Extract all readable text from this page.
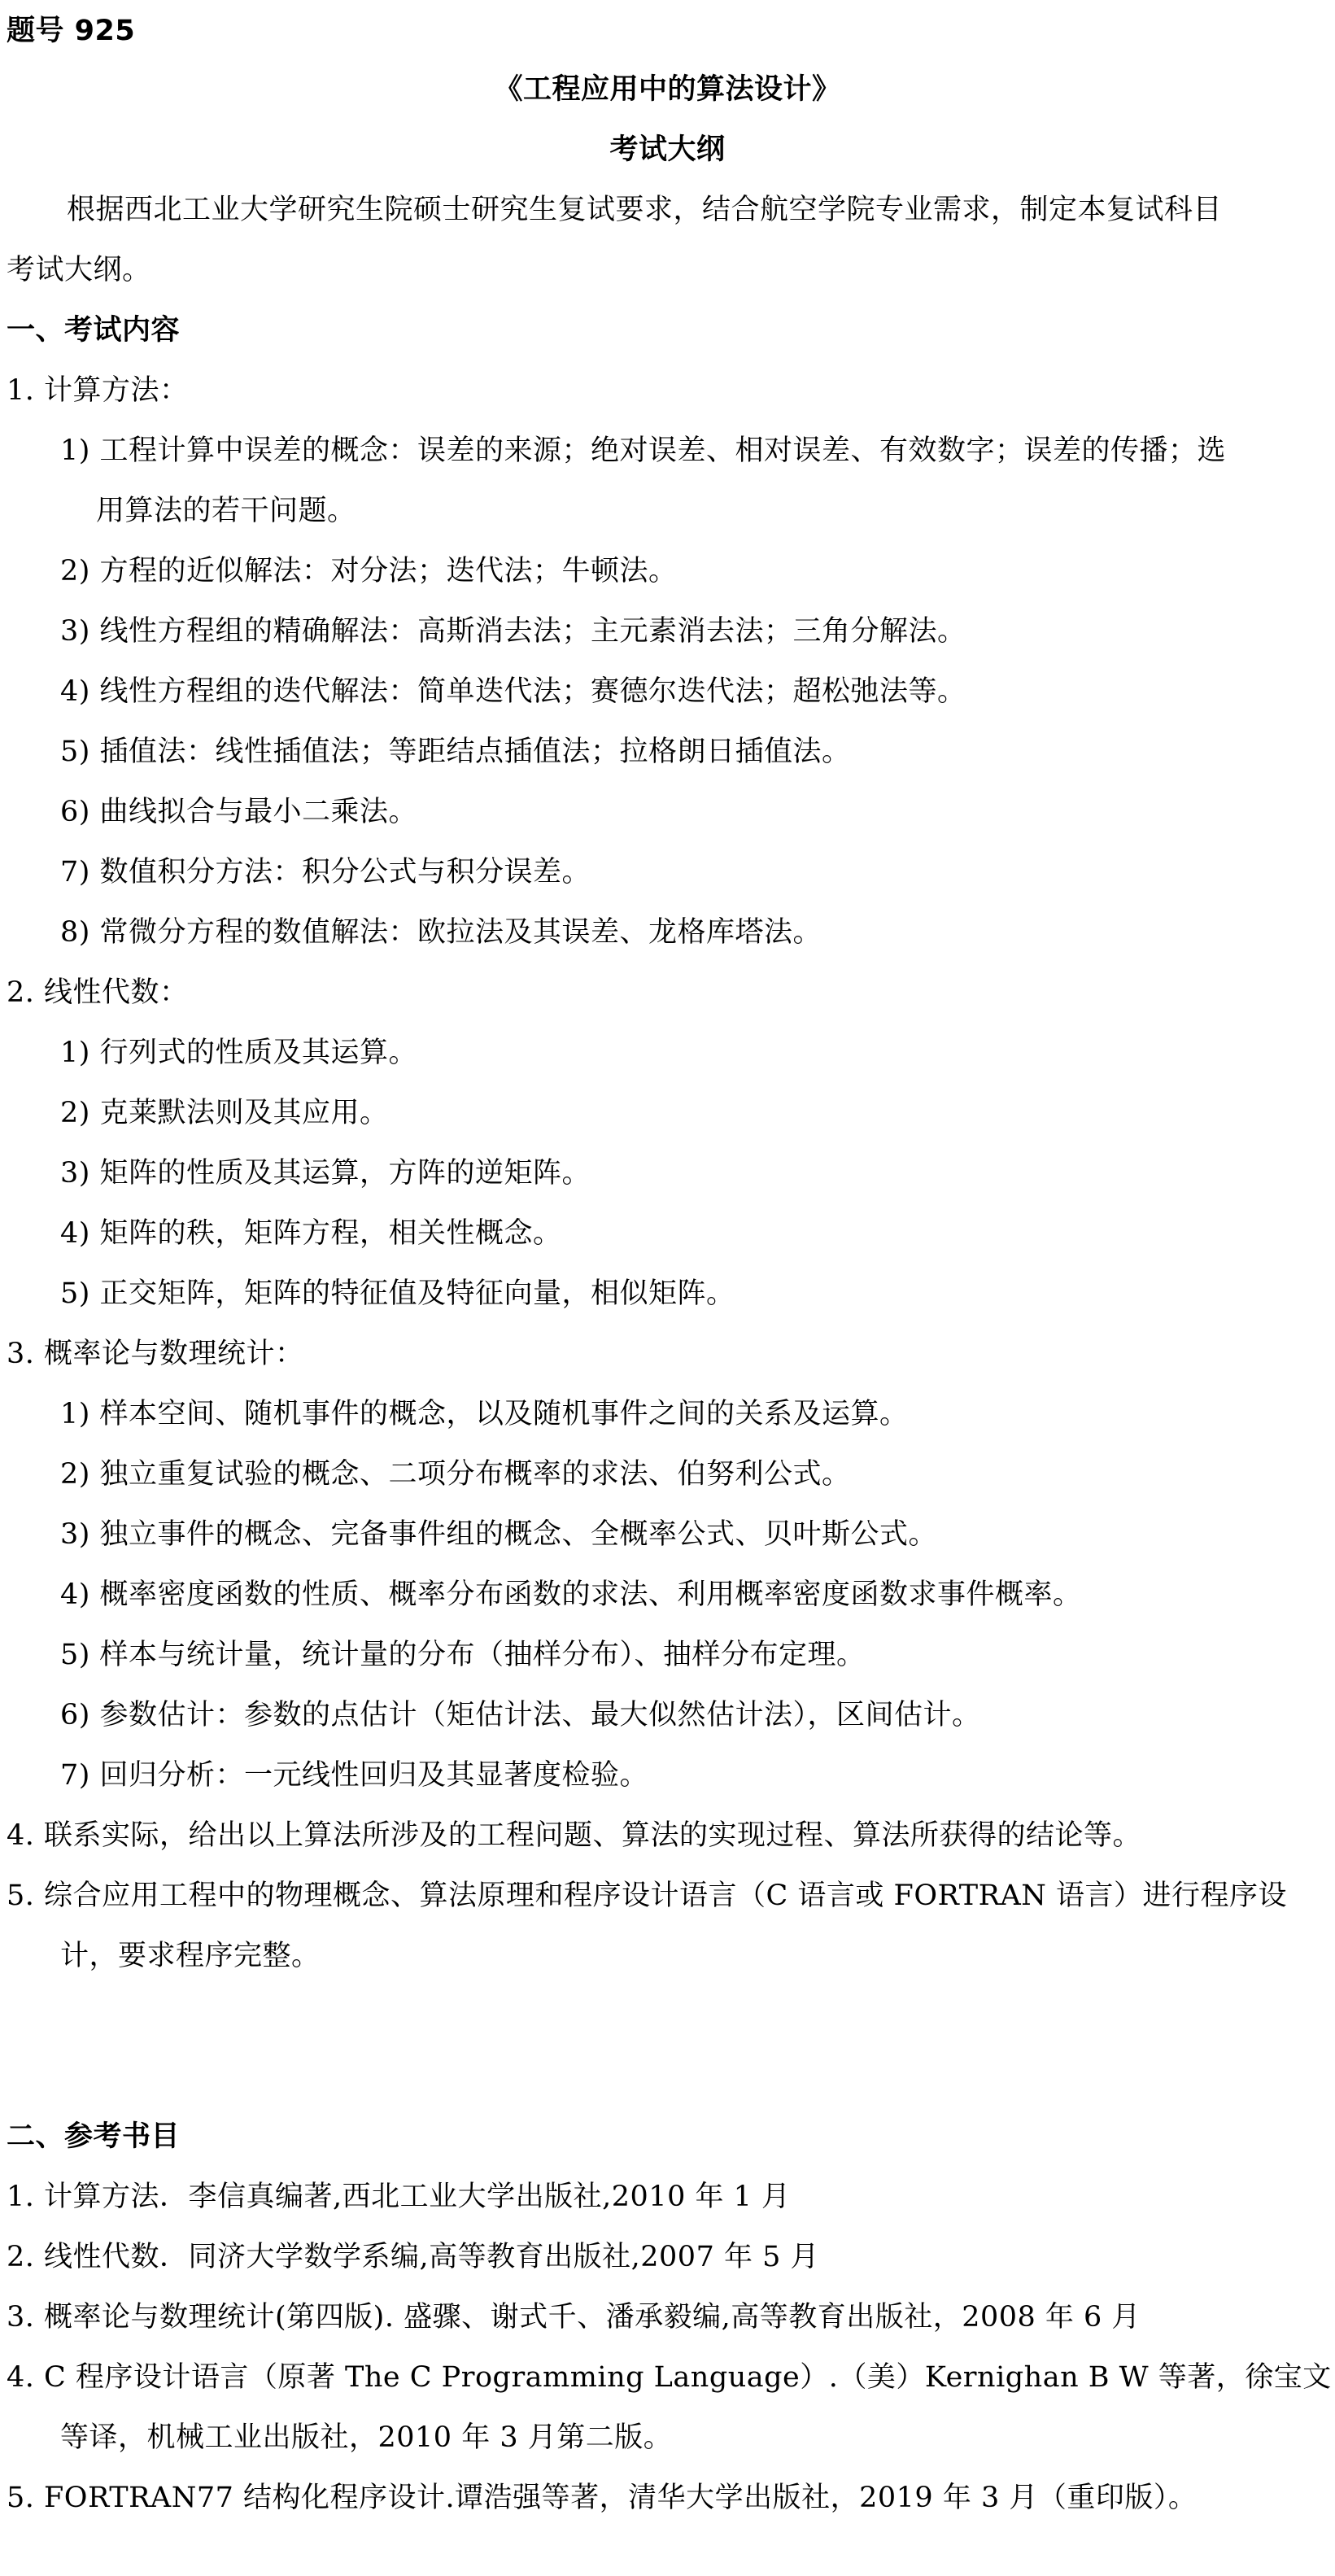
题号 925
《工程应用中的算法设计》
考试大纲
根据西北工业大学研究生院硕士研究生复试要求，结合航空学院专业需求，制定本复试科目
考试大纲。
一、考试内容
1. 计算方法：
1) 工程计算中误差的概念：误差的来源；绝对误差、相对误差、有效数字；误差的传播；选
用算法的若干问题。
2) 方程的近似解法：对分法；迭代法；牛顿法。
3) 线性方程组的精确解法：高斯消去法；主元素消去法；三角分解法。
4) 线性方程组的迭代解法：简单迭代法；赛德尔迭代法；超松弛法等。
5) 插值法：线性插值法；等距结点插值法；拉格朗日插值法。
6) 曲线拟合与最小二乘法。
7) 数值积分方法：积分公式与积分误差。
8) 常微分方程的数值解法：欧拉法及其误差、龙格库塔法。
2. 线性代数：
1) 行列式的性质及其运算。
2) 克莱默法则及其应用。
3) 矩阵的性质及其运算，方阵的逆矩阵。
4) 矩阵的秩，矩阵方程，相关性概念。
5) 正交矩阵，矩阵的特征值及特征向量，相似矩阵。
3. 概率论与数理统计：
1) 样本空间、随机事件的概念，以及随机事件之间的关系及运算。
2) 独立重复试验的概念、二项分布概率的求法、伯努利公式。
3) 独立事件的概念、完备事件组的概念、全概率公式、贝叶斯公式。
4) 概率密度函数的性质、概率分布函数的求法、利用概率密度函数求事件概率。
5) 样本与统计量，统计量的分布（抽样分布）、抽样分布定理。
6) 参数估计：参数的点估计（矩估计法、最大似然估计法），区间估计。
7) 回归分析：一元线性回归及其显著度检验。
4. 联系实际，给出以上算法所涉及的工程问题、算法的实现过程、算法所获得的结论等。
5. 综合应用工程中的物理概念、算法原理和程序设计语言（C 语言或 FORTRAN 语言）进行程序设
计，要求程序完整。
二、参考书目
1. 计算方法．李信真编著,西北工业大学出版社,2010 年 1 月
2. 线性代数．同济大学数学系编,高等教育出版社,2007 年 5 月
3. 概率论与数理统计(第四版). 盛骤、谢式千、潘承毅编,高等教育出版社，2008 年 6 月
4. C 程序设计语言（原著 The C Programming Language）.（美）Kernighan B W 等著，徐宝文
等译，机械工业出版社，2010 年 3 月第二版。
5. FORTRAN77 结构化程序设计.谭浩强等著，清华大学出版社，2019 年 3 月（重印版）。
